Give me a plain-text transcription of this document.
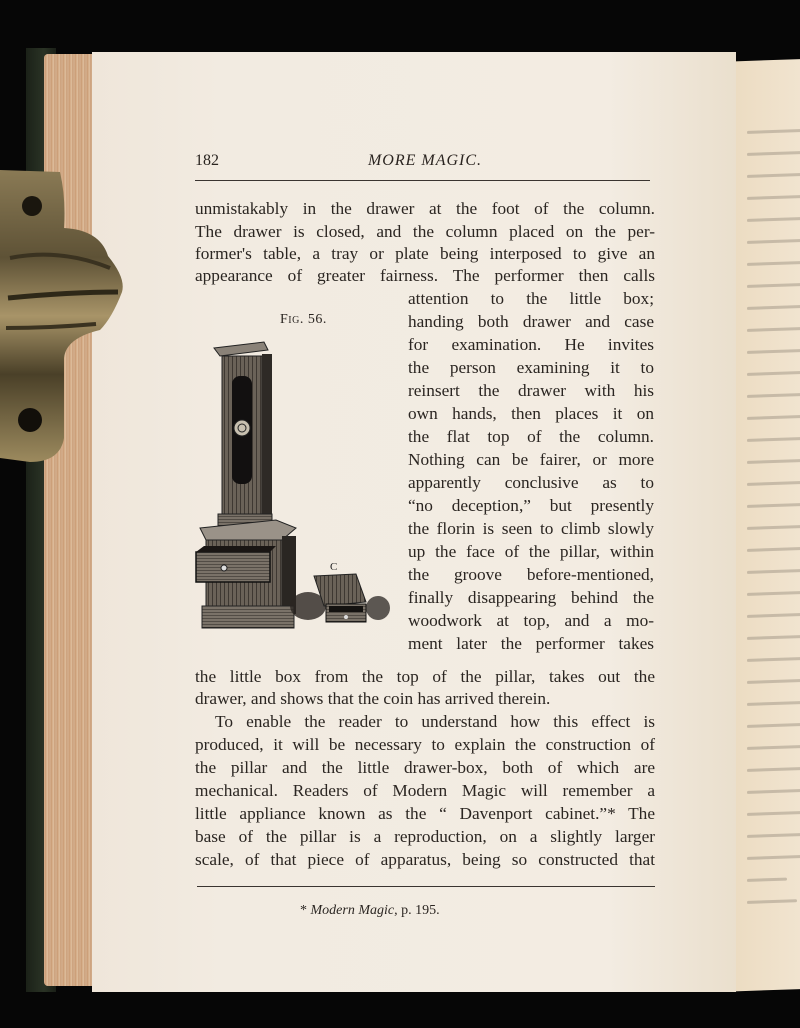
182	MORE MAGIC.
unmistakably in the drawer at the foot of the column.
The drawer is closed, and the column placed on the per-
former's table, a tray or plate being interposed to give an
appearance of greater fairness. The performer then calls
attention to the little box;
handing both drawer and case
for examination. He invites
the person examining it to
reinsert the drawer with his
own hands, then places it on
the flat top of the column.
Nothing can be fairer, or more
apparently conclusive as to
“no deception,” but presently
the florin is seen to climb slowly
up the face of the pillar, within
the groove before-mentioned,
finally disappearing behind the
woodwork at top, and a mo-
ment later the performer takes
Fig. 56.
C
the little box from the top of the pillar, takes out the
drawer, and shows that the coin has arrived therein.
To enable the reader to understand how this effect is
produced, it will be necessary to explain the construction of
the pillar and the little drawer-box, both of which are
mechanical. Readers of Modern Magic will remember a
little appliance known as the “ Davenport cabinet.”* The
base of the pillar is a reproduction, on a slightly larger
scale, of that piece of apparatus, being so constructed that
* Modern Magic, p. 195.
